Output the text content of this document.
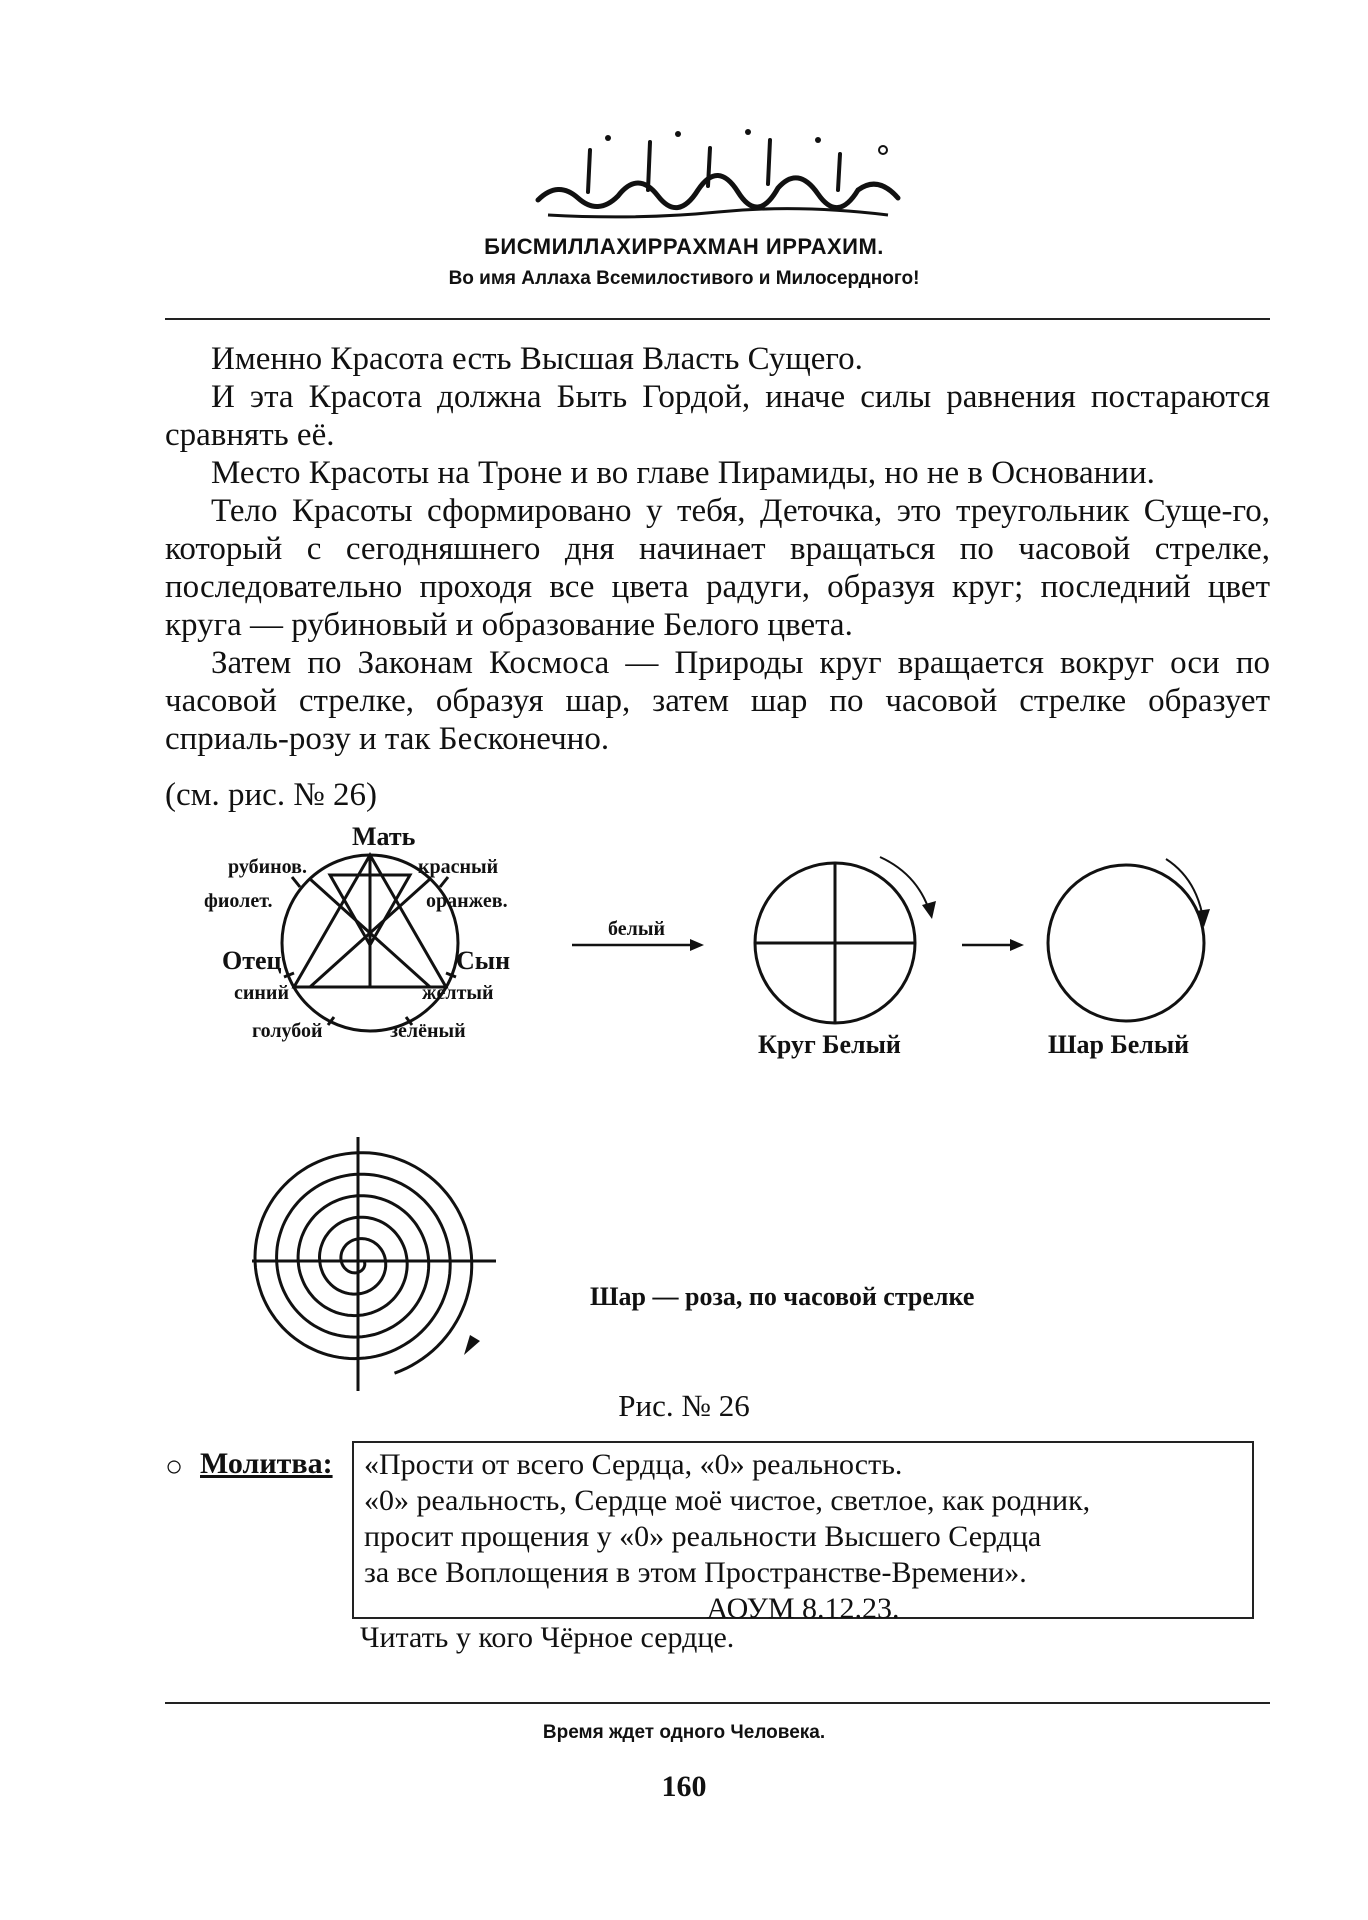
БИСМИЛЛАХИРРАХМАН ИРРАХИМ.
Во имя Аллаха Всемилостивого и Милосердного!

Именно Красота есть Высшая Власть Сущего.

И эта Красота должна Быть Гордой, иначе силы равнения постараются сравнять её.

Место Красоты на Троне и во главе Пирамиды, но не в Основании.

Тело Красоты сформировано у тебя, Деточка, это треугольник Суще-го, который с сегодняшнего дня начинает вращаться по часовой стрелке, последовательно проходя все цвета радуги, образуя круг; последний цвет круга — рубиновый и образование Белого цвета.

Затем по Законам Космоса — Природы круг вращается вокруг оси по часовой стрелке, образуя шар, затем шар по часовой стрелке образует сприаль-розу и так Бесконечно.

(см. рис. № 26)
Мать
рубинов.	красный
фиолет.	оранжев.
Отец	Сын
синий	жёлтый
голубой	зелёный
белый
Круг Белый	Шар Белый
Шар — роза, по часовой стрелке
Рис. № 26
○ Молитва: «Прости от всего Сердца, «0» реальность.
«0» реальность, Сердце моё чистое, светлое, как родник,
просит прощения у «0» реальности Высшего Сердца
за все Воплощения в этом Пространстве-Времени».
АОУМ 8.12.23.
Читать у кого Чёрное сердце.
Время ждет одного Человека.
160
